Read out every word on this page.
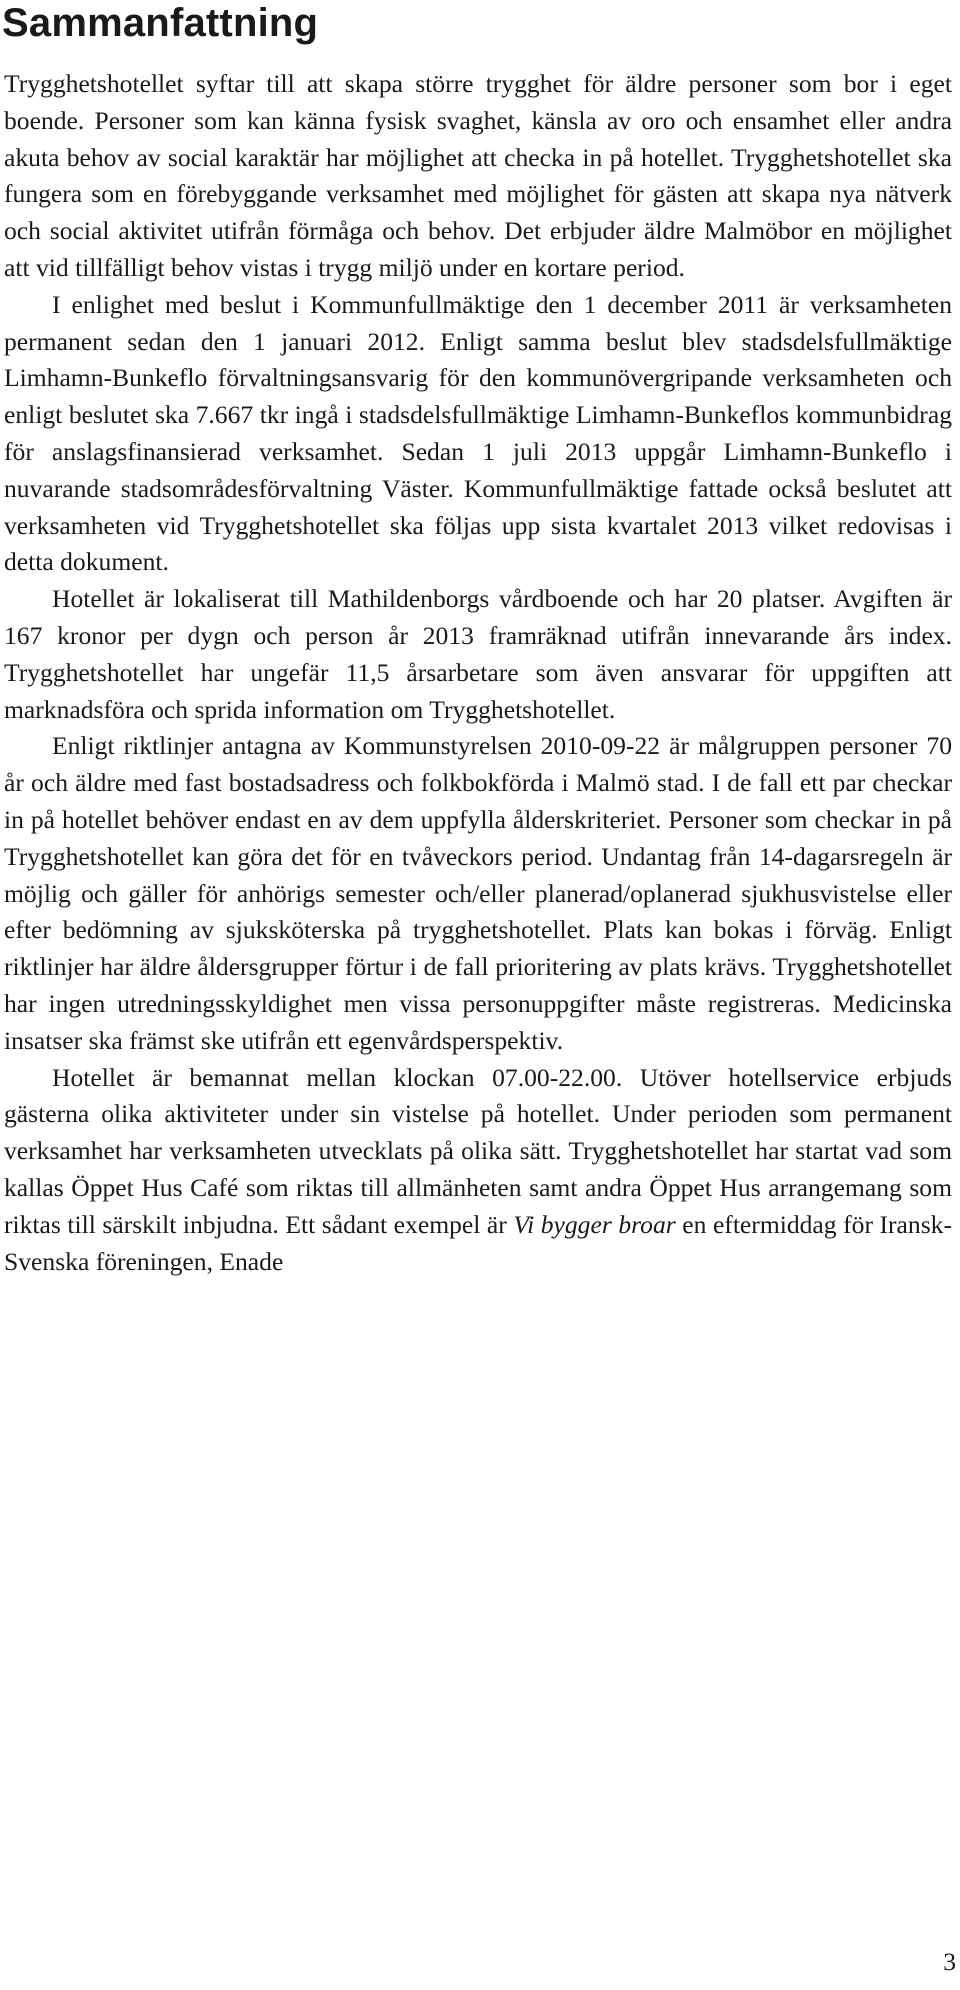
Sammanfattning

Trygghetshotellet syftar till att skapa större trygghet för äldre personer som bor i eget boende. Personer som kan känna fysisk svaghet, känsla av oro och ensamhet eller andra akuta behov av social karaktär har möjlighet att checka in på hotellet. Trygghetshotellet ska fungera som en förebyggande verksamhet med möjlighet för gästen att skapa nya nätverk och social aktivitet utifrån förmåga och behov. Det erbjuder äldre Malmöbor en möjlighet att vid tillfälligt behov vistas i trygg miljö under en kortare period.

I enlighet med beslut i Kommunfullmäktige den 1 december 2011 är verksamheten permanent sedan den 1 januari 2012. Enligt samma beslut blev stadsdelsfullmäktige Limhamn-Bunkeflo förvaltningsansvarig för den kommunövergripande verksamheten och enligt beslutet ska 7.667 tkr ingå i stadsdelsfullmäktige Limhamn-Bunkeflos kommunbidrag för anslagsfinansierad verksamhet. Sedan 1 juli 2013 uppgår Limhamn-Bunkeflo i nuvarande stadsområdesförvaltning Väster. Kommunfullmäktige fattade också beslutet att verksamheten vid Trygghetshotellet ska följas upp sista kvartalet 2013 vilket redovisas i detta dokument.

Hotellet är lokaliserat till Mathildenborgs vårdboende och har 20 platser. Avgiften är 167 kronor per dygn och person år 2013 framräknad utifrån innevarande års index. Trygghetshotellet har ungefär 11,5 årsarbetare som även ansvarar för uppgiften att marknadsföra och sprida information om Trygghetshotellet.

Enligt riktlinjer antagna av Kommunstyrelsen 2010-09-22 är målgruppen personer 70 år och äldre med fast bostadsadress och folkbokförda i Malmö stad. I de fall ett par checkar in på hotellet behöver endast en av dem uppfylla ålderskriteriet. Personer som checkar in på Trygghetshotellet kan göra det för en tvåveckors period. Undantag från 14-dagarsregeln är möjlig och gäller för anhörigs semester och/eller planerad/oplanerad sjukhusvistelse eller efter bedömning av sjuksköterska på trygghetshotellet. Plats kan bokas i förväg. Enligt riktlinjer har äldre åldersgrupper förtur i de fall prioritering av plats krävs. Trygghetshotellet har ingen utredningsskyldighet men vissa personuppgifter måste registreras. Medicinska insatser ska främst ske utifrån ett egenvårdsperspektiv.

Hotellet är bemannat mellan klockan 07.00-22.00. Utöver hotellservice erbjuds gästerna olika aktiviteter under sin vistelse på hotellet. Under perioden som permanent verksamhet har verksamheten utvecklats på olika sätt. Trygghetshotellet har startat vad som kallas Öppet Hus Café som riktas till allmänheten samt andra Öppet Hus arrangemang som riktas till särskilt inbjudna. Ett sådant exempel är Vi bygger broar en eftermiddag för Iransk-Svenska föreningen, Enade

3
